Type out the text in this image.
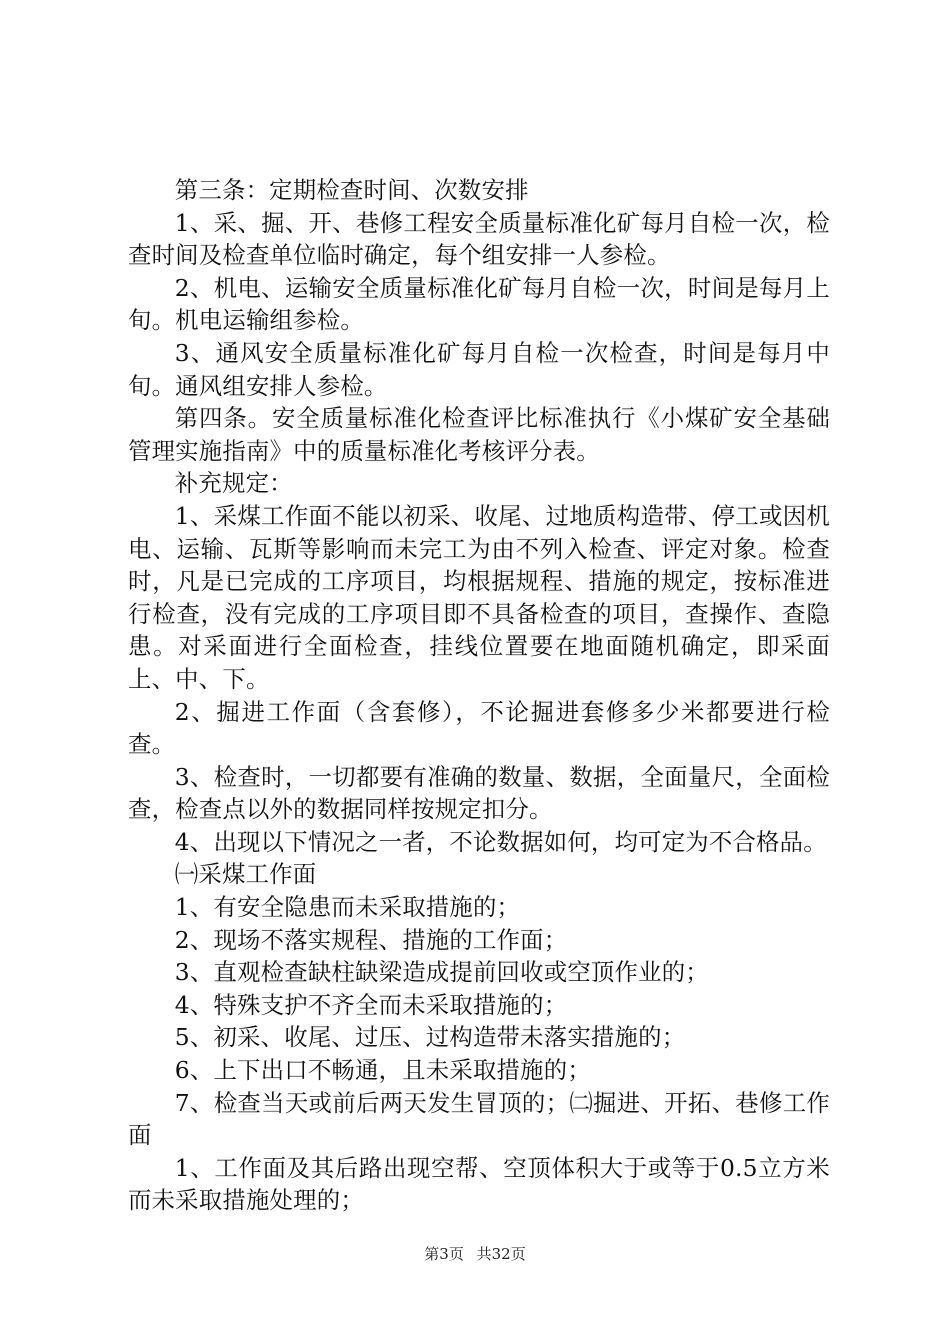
第三条：定期检查时间、次数安排

1、采、掘、开、巷修工程安全质量标准化矿每月自检一次，检查时间及检查单位临时确定，每个组安排一人参检。

2、机电、运输安全质量标准化矿每月自检一次，时间是每月上旬。机电运输组参检。

3、通风安全质量标准化矿每月自检一次检查，时间是每月中旬。通风组安排人参检。

第四条。安全质量标准化检查评比标准执行《小煤矿安全基础管理实施指南》中的质量标准化考核评分表。

补充规定：

1、采煤工作面不能以初采、收尾、过地质构造带、停工或因机电、运输、瓦斯等影响而未完工为由不列入检查、评定对象。检查时，凡是已完成的工序项目，均根据规程、措施的规定，按标准进行检查，没有完成的工序项目即不具备检查的项目，查操作、查隐患。对采面进行全面检查，挂线位置要在地面随机确定，即采面上、中、下。

2、掘进工作面（含套修），不论掘进套修多少米都要进行检查。

3、检查时，一切都要有准确的数量、数据，全面量尺，全面检查，检查点以外的数据同样按规定扣分。

4、出现以下情况之一者，不论数据如何，均可定为不合格品。

㈠采煤工作面

1、有安全隐患而未采取措施的；

2、现场不落实规程、措施的工作面；

3、直观检查缺柱缺梁造成提前回收或空顶作业的；

4、特殊支护不齐全而未采取措施的；

5、初采、收尾、过压、过构造带未落实措施的；

6、上下出口不畅通，且未采取措施的；

7、检查当天或前后两天发生冒顶的；㈡掘进、开拓、巷修工作面

1、工作面及其后路出现空帮、空顶体积大于或等于0.5立方米而未采取措施处理的；

第3页 共32页
